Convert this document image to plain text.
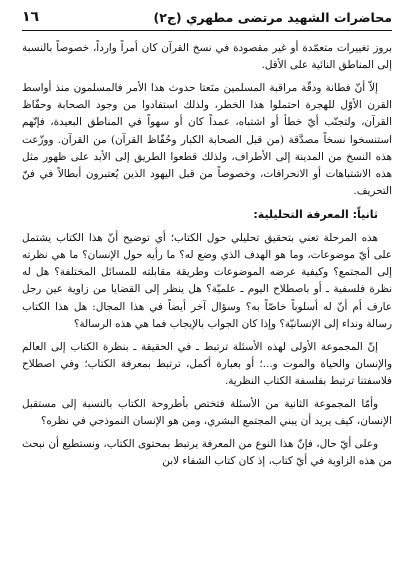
١٦	محاضرات الشهيد مرتضى مطهري (ج٢)

بروز تغييرات متعمّدة أو غير مقصودة في نسخ القرآن كان أمراً وارداً، خصوصاً بالنسبة إلى المناطق النائية على الأقل.

إلاّ أنّ فطانة ودقّة مراقبة المسلمين منَعتا حدوث هذا الأمر فالمسلمون منذ أواسط القرن الأوّل للهجرة احتملوا هذا الخطر، ولذلك استفادوا من وجود الصحابة وحفّاظ القرآن، ولتجنّب أيّ خطأ أو اشتباه، عمداً كان أو سهواً في المناطق البعيدة، فإنّهم استنسخوا نسخاً مصدَّقة (من قبل الصحابة الكبار وحُفّاظ القرآن) من القرآن. ووزّعت هذه النسخ من المدينة إلى الأطراف، ولذلك قطعوا الطريق إلى الأبد على ظهور مثل هذه الاشتباهات أو الانحرافات، وخصوصاً من قبل اليهود الذين يُعتبرون أبطالاً في فنّ التحريف.

ثانياً: المعرفة التحليلية:

هذه المرحلة تعني بتحقيق تحليلي حول الكتاب؛ أي توضيح أنّ هذا الكتاب يشتمل على أيّ موضوعات، وما هو الهدف الذي وضع له؟ ما رأيه حول الإنسان؟ ما هي نظرته إلى المجتمع؟ وكيفية عرضه الموضوعات وطريقة مقابلته للمسائل المختلفة؟ هل له نظرة فلسفية ـ أو باصطلاح اليوم ـ علميّة؟ هل ينظر إلى القضايا من زاوية عين رجل عارف أم أنّ له أسلوباً خاصّاً به؟ وسؤال آخر أيضاً في هذا المجال: هل هذا الكتاب رسالة ونداء إلى الإنسانيّة؟ وإذا كان الجواب بالإيجاب فما هي هذه الرسالة؟

إنّ المجموعة الأولى لهذه الأسئلة ترتبط ـ في الحقيقة ـ بنظرة الكتاب إلى العالم والإنسان والحياة والموت و...؛ أو بعبارة أكمل، ترتبط بمعرفة الكتاب؛ وفي اصطلاح فلاسفتنا ترتبط بفلسفة الكتاب النظرية.

وأمّا المجموعة الثانية من الأسئلة فتختص بأطروحة الكتاب بالنسبة إلى مستقبل الإنسان، كيف يريد أن يبني المجتمع البشري، ومن هو الإنسان النموذجي في نظره؟

وعلى أيّ حال، فإنّ هذا النوع من المعرفة يرتبط بمحتوى الكتاب، ونستطيع أن نبحث من هذه الزاوية في أيّ كتاب، إذ كان كتاب الشفاء لابن
